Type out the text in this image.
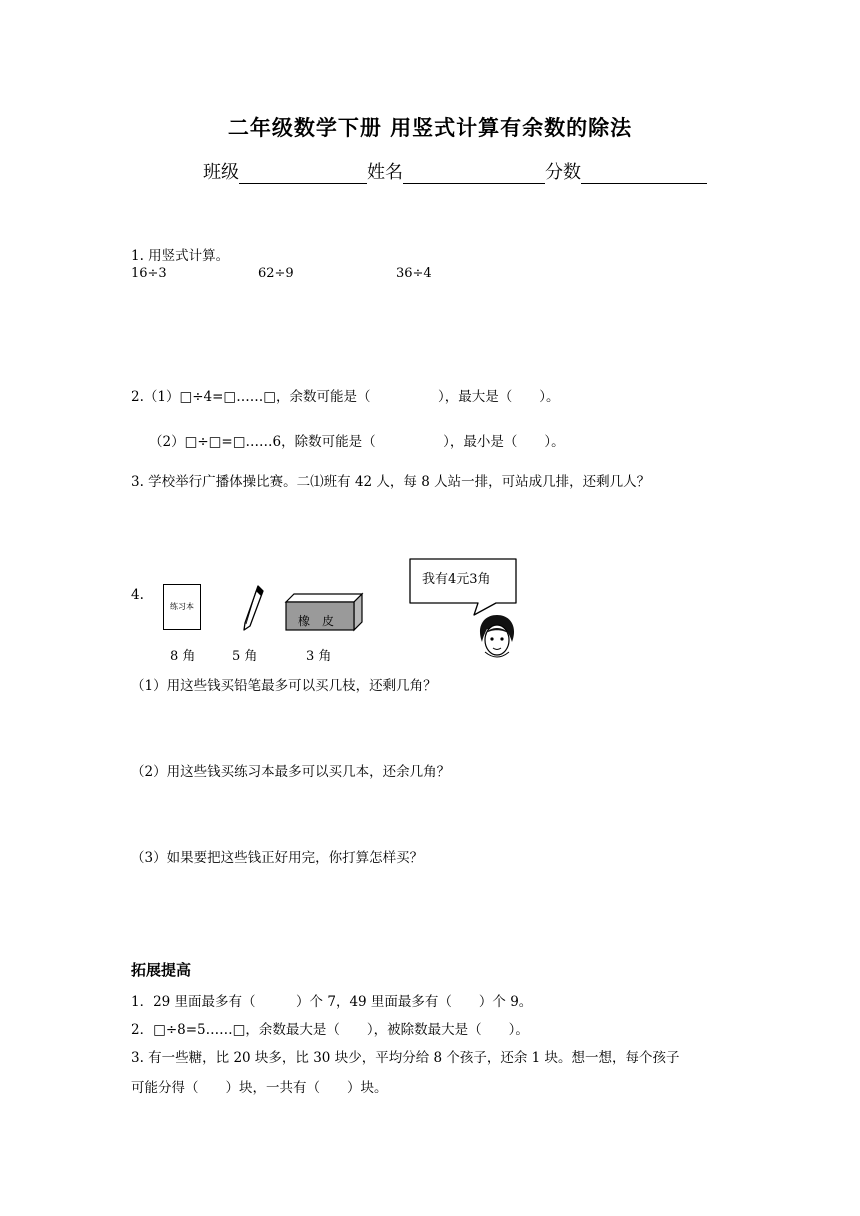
二年级数学下册 用竖式计算有余数的除法
班级	姓名	分数
1. 用竖式计算。
16÷3	62÷9	36÷4
2.（1）□÷4=□……□，余数可能是（　　　　　），最大是（　　）。
（2）□÷□=□……6，除数可能是（　　　　　），最小是（　　）。
3. 学校举行广播体操比赛。二⑴班有 42 人，每 8 人站一排，可站成几排，还剩几人？
4.
练习本
橡　皮
我有4元3角
8 角	5 角	3 角
（1）用这些钱买铅笔最多可以买几枝，还剩几角？
（2）用这些钱买练习本最多可以买几本，还余几角？
（3）如果要把这些钱正好用完，你打算怎样买？
拓展提高
1．29 里面最多有（　　　）个 7，49 里面最多有（　　）个 9。
2．□÷8=5……□，余数最大是（　　），被除数最大是（　　）。
3. 有一些糖，比 20 块多，比 30 块少，平均分给 8 个孩子，还余 1 块。想一想，每个孩子
可能分得（　　）块，一共有（　　）块。
